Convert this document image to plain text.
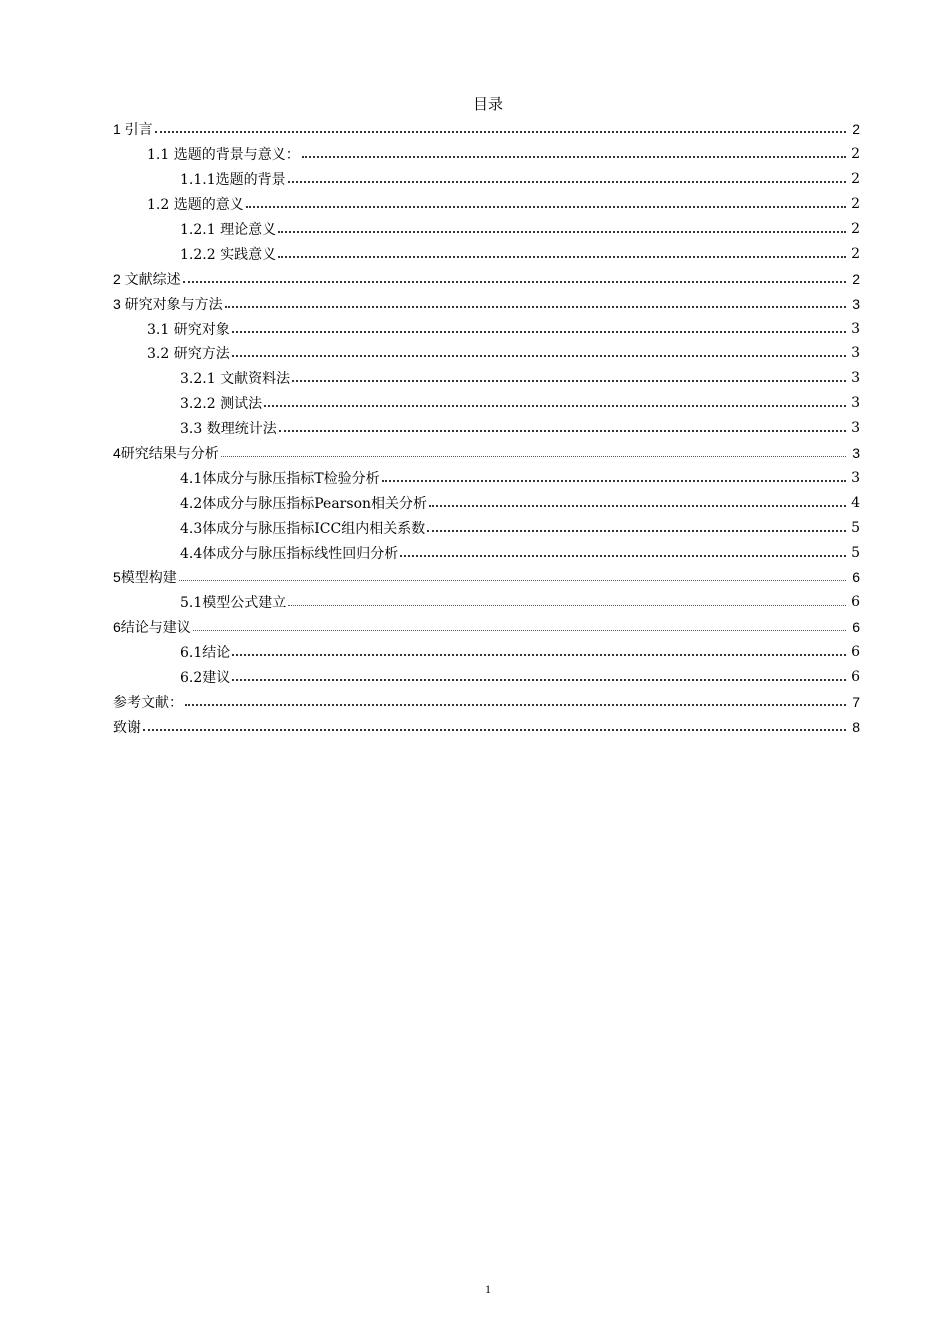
目录
1 引言	2
1.1 选题的背景与意义：	2
1.1.1选题的背景	2
1.2 选题的意义	2
1.2.1 理论意义	2
1.2.2 实践意义	2
2 文献综述	2
3 研究对象与方法	3
3.1 研究对象	3
3.2 研究方法	3
3.2.1 文献资料法	3
3.2.2 测试法	3
3.3 数理统计法	3
4研究结果与分析	3
4.1体成分与脉压指标T检验分析	3
4.2体成分与脉压指标Pearson相关分析	4
4.3体成分与脉压指标ICC组内相关系数	5
4.4体成分与脉压指标线性回归分析	5
5模型构建	6
5.1模型公式建立	6
6结论与建议	6
6.1结论	6
6.2建议	6
参考文献：	7
致谢	8
1
